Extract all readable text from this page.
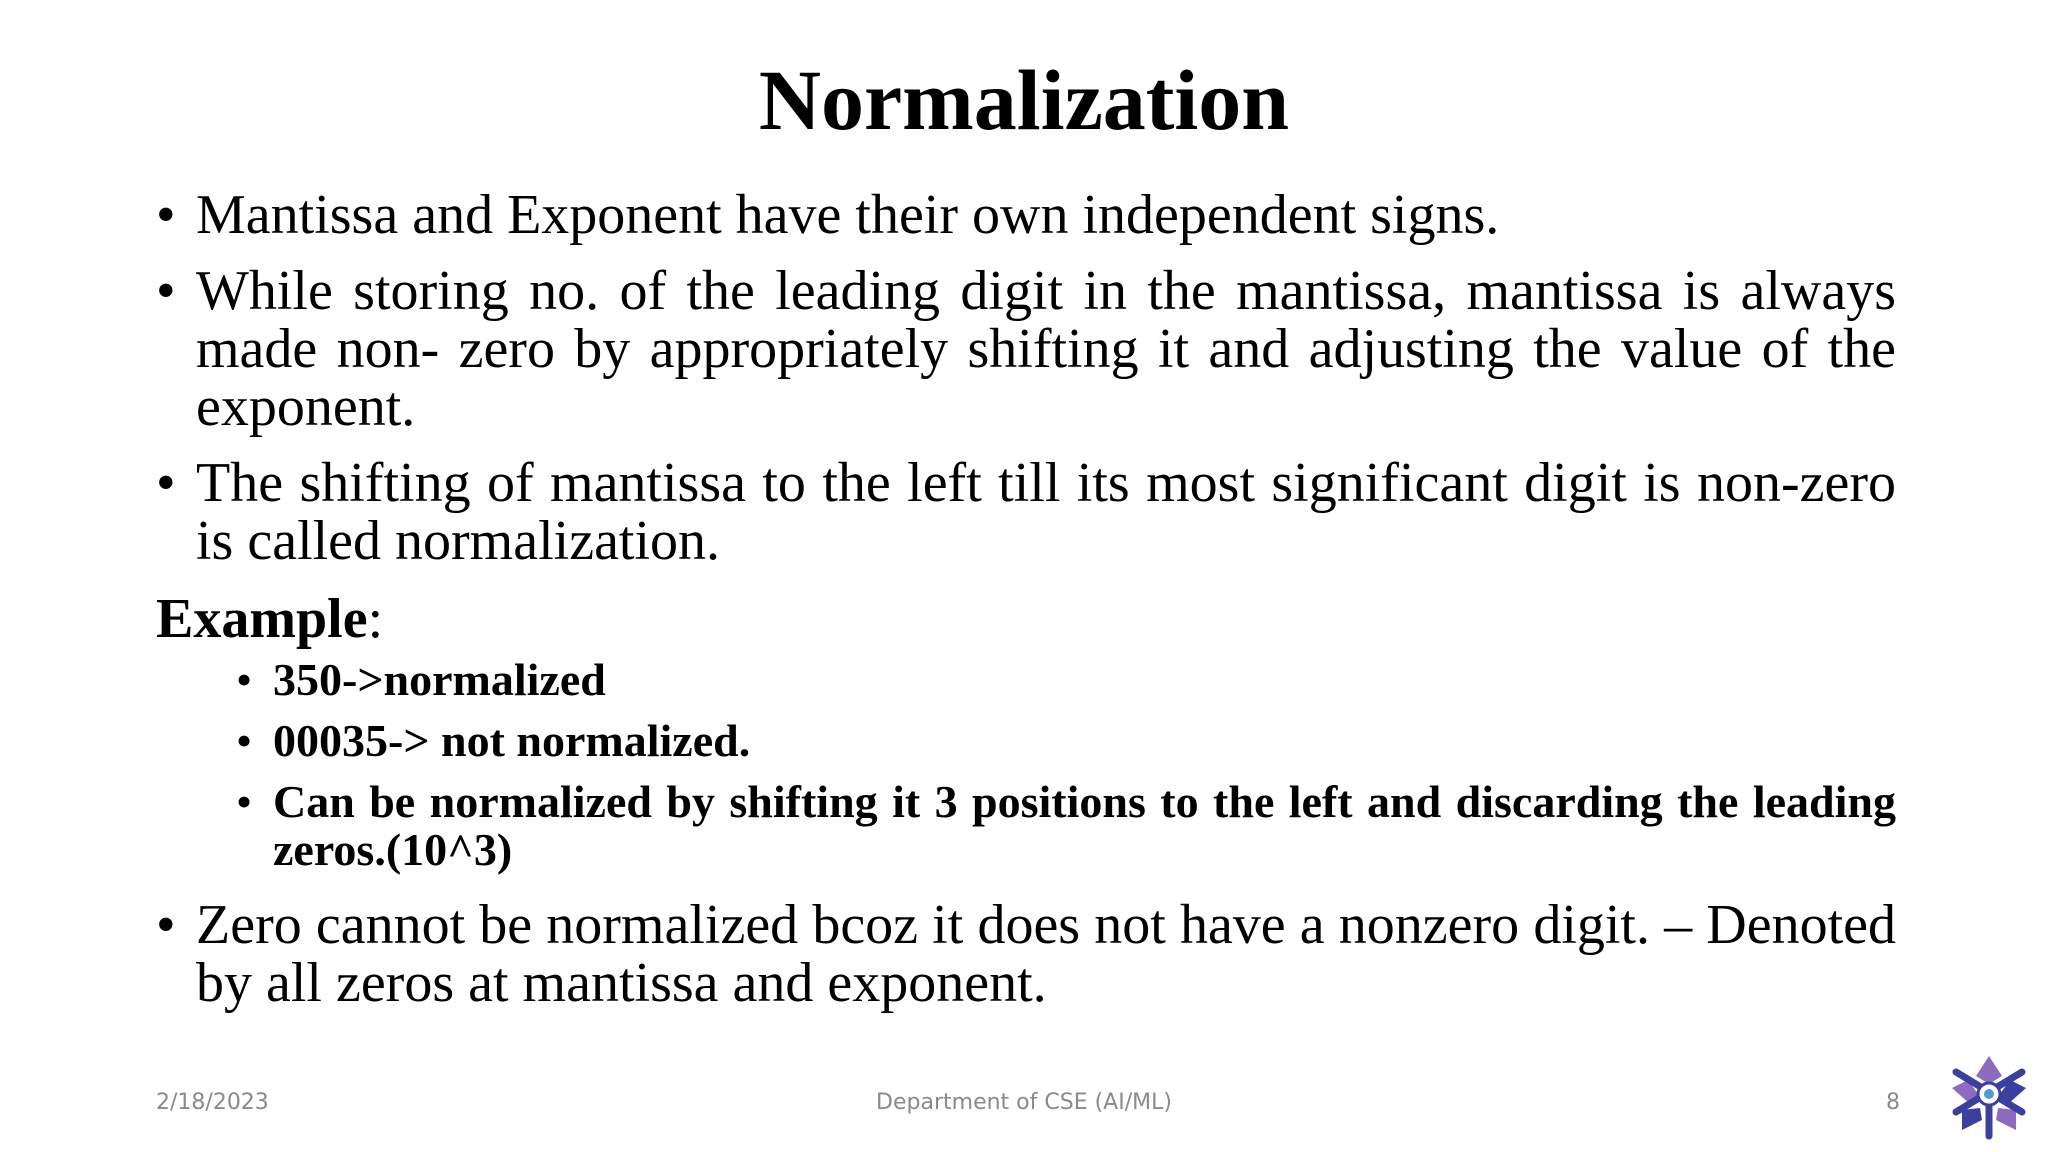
Normalization
• Mantissa and Exponent have their own independent signs.
• While storing no. of the leading digit in the mantissa, mantissa is always made non- zero by appropriately shifting it and adjusting the value of the exponent.
• The shifting of mantissa to the left till its most significant digit is non-zero is called normalization.
Example:
• 350->normalized
• 00035-> not normalized.
• Can be normalized by shifting it 3 positions to the left and discarding the leading zeros.(10^3)
• Zero cannot be normalized bcoz it does not have a nonzero digit. – Denoted by all zeros at mantissa and exponent.
2/18/2023	Department of CSE (AI/ML)	8
